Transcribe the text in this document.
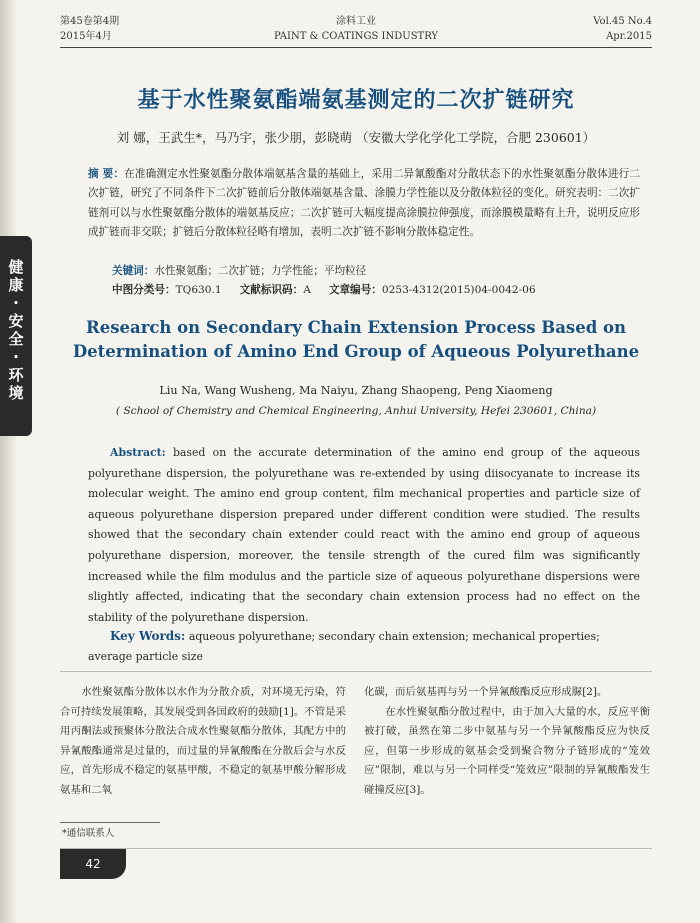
第45卷第4期
2015年4月
涂料工业
PAINT & COATINGS INDUSTRY
Vol.45 No.4
Apr.2015
健
康
·
安
全
·
环
境
基于水性聚氨酯端氨基测定的二次扩链研究
刘 娜，王武生*，马乃宇，张少朋，彭晓萌 （安徽大学化学化工学院，合肥 230601）
摘 要：在准确测定水性聚氨酯分散体端氨基含量的基础上，采用二异氰酸酯对分散状态下的水性聚氨酯分散体进行二次扩链，研究了不同条件下二次扩链前后分散体端氨基含量、涂膜力学性能以及分散体粒径的变化。研究表明：二次扩链剂可以与水性聚氨酯分散体的端氨基反应；二次扩链可大幅度提高涂膜拉伸强度，而涂膜模量略有上升，说明反应形成扩链而非交联；扩链后分散体粒径略有增加，表明二次扩链不影响分散体稳定性。
关键词：水性聚氨酯；二次扩链；力学性能；平均粒径
中图分类号：TQ630.1 文献标识码：A 文章编号：0253-4312(2015)04-0042-06
Research on Secondary Chain Extension Process Based on
Determination of Amino End Group of Aqueous Polyurethane
Liu Na, Wang Wusheng, Ma Naiyu, Zhang Shaopeng, Peng Xiaomeng
( School of Chemistry and Chemical Engineering, Anhui University, Hefei 230601, China)
Abstract: based on the accurate determination of the amino end group of the aqueous polyurethane dispersion, the polyurethane was re-extended by using diisocyanate to increase its molecular weight. The amino end group content, film mechanical properties and particle size of aqueous polyurethane dispersion prepared under different condition were studied. The results showed that the secondary chain extender could react with the amino end group of aqueous polyurethane dispersion, moreover, the tensile strength of the cured film was significantly increased while the film modulus and the particle size of aqueous polyurethane dispersions were slightly affected, indicating that the secondary chain extension process had no effect on the stability of the polyurethane dispersion.
Key Words: aqueous polyurethane; secondary chain extension; mechanical properties; average particle size
水性聚氨酯分散体以水作为分散介质，对环境无污染，符合可持续发展策略，其发展受到各国政府的鼓励[1]。不管是采用丙酮法或预聚体分散法合成水性聚氨酯分散体，其配方中的异氰酸酯通常是过量的，而过量的异氰酸酯在分散后会与水反应，首先形成不稳定的氨基甲酸，不稳定的氨基甲酸分解形成氨基和二氧
化碳，而后氨基再与另一个异氰酸酯反应形成脲[2]。
在水性聚氨酯分散过程中，由于加入大量的水，反应平衡被打破，虽然在第二步中氨基与另一个异氰酸酯反应为快反应，但第一步形成的氨基会受到聚合物分子链形成的“笼效应”限制，难以与另一个同样受“笼效应”限制的异氰酸酯发生碰撞反应[3]。
*通信联系人
42
